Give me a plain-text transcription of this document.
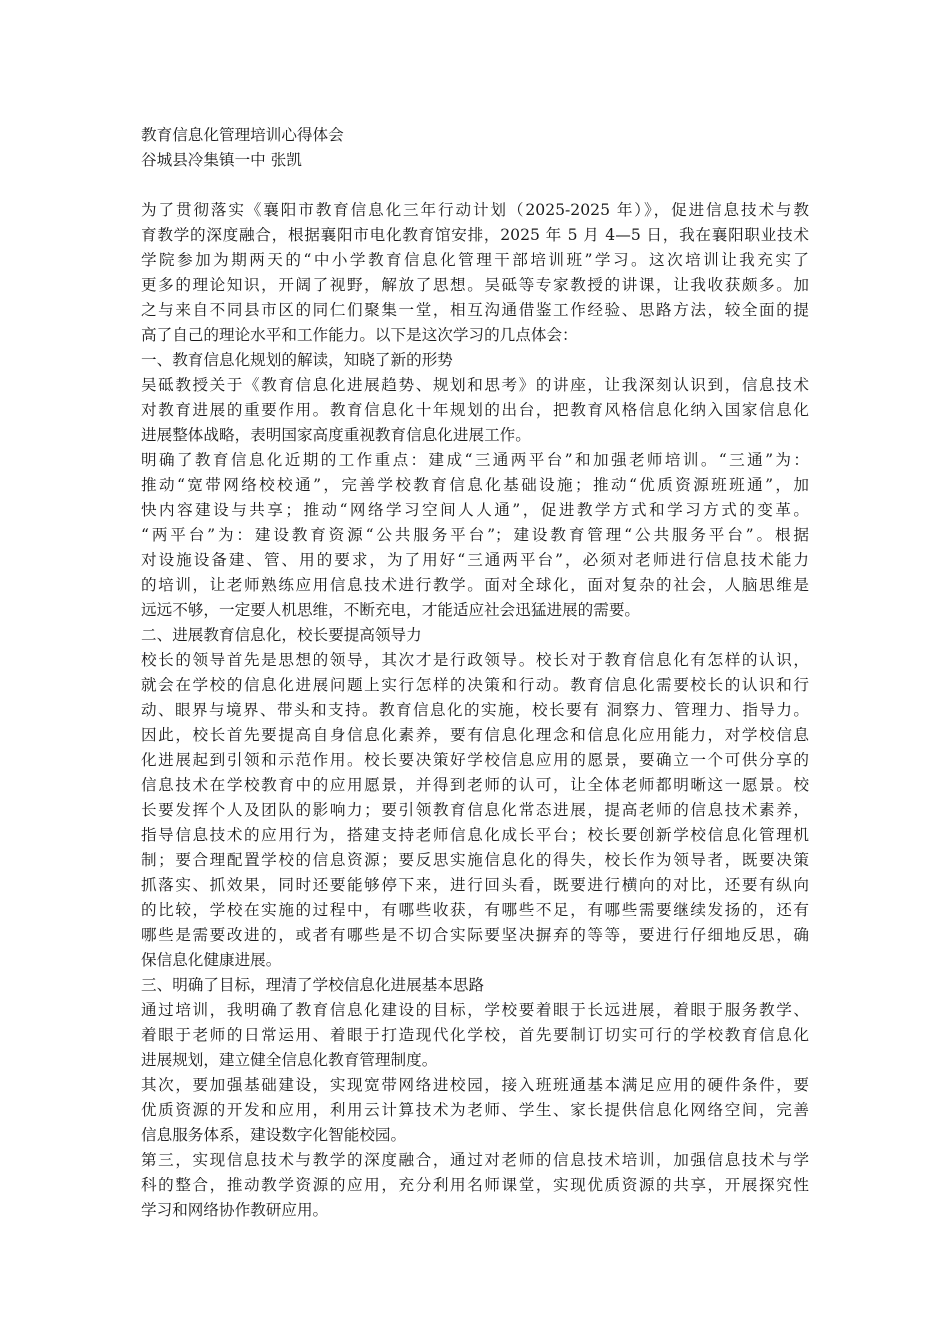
教育信息化管理培训心得体会
谷城县冷集镇一中 张凯
为了贯彻落实《襄阳市教育信息化三年行动计划（2025-2025 年）》，促进信息技术与教
育教学的深度融合，根据襄阳市电化教育馆安排，2025 年 5 月 4—5 日，我在襄阳职业技术
学院参加为期两天的“中小学教育信息化管理干部培训班”学习。这次培训让我充实了
更多的理论知识，开阔了视野，解放了思想。吴砥等专家教授的讲课，让我收获颇多。加
之与来自不同县市区的同仁们聚集一堂，相互沟通借鉴工作经验、思路方法，较全面的提
高了自己的理论水平和工作能力。以下是这次学习的几点体会：
一、教育信息化规划的解读，知晓了新的形势
吴砥教授关于《教育信息化进展趋势、规划和思考》的讲座，让我深刻认识到，信息技术
对教育进展的重要作用。教育信息化十年规划的出台，把教育风格信息化纳入国家信息化
进展整体战略，表明国家高度重视教育信息化进展工作。
明确了教育信息化近期的工作重点：建成“三通两平台”和加强老师培训。“三通”为：
推动“宽带网络校校通”，完善学校教育信息化基础设施；推动“优质资源班班通”，加
快内容建设与共享；推动“网络学习空间人人通”，促进教学方式和学习方式的变革。
“两平台”为：建设教育资源“公共服务平台”；建设教育管理“公共服务平台”。根据
对设施设备建、管、用的要求，为了用好“三通两平台”，必须对老师进行信息技术能力
的培训，让老师熟练应用信息技术进行教学。面对全球化，面对复杂的社会，人脑思维是
远远不够，一定要人机思维，不断充电，才能适应社会迅猛进展的需要。
二、进展教育信息化，校长要提高领导力
校长的领导首先是思想的领导，其次才是行政领导。校长对于教育信息化有怎样的认识，
就会在学校的信息化进展问题上实行怎样的决策和行动。教育信息化需要校长的认识和行
动、眼界与境界、带头和支持。教育信息化的实施，校长要有 洞察力、管理力、指导力。
因此，校长首先要提高自身信息化素养，要有信息化理念和信息化应用能力，对学校信息
化进展起到引领和示范作用。校长要决策好学校信息应用的愿景，要确立一个可供分享的
信息技术在学校教育中的应用愿景，并得到老师的认可，让全体老师都明晰这一愿景。校
长要发挥个人及团队的影响力；要引领教育信息化常态进展，提高老师的信息技术素养，
指导信息技术的应用行为，搭建支持老师信息化成长平台；校长要创新学校信息化管理机
制；要合理配置学校的信息资源；要反思实施信息化的得失，校长作为领导者，既要决策
抓落实、抓效果，同时还要能够停下来，进行回头看，既要进行横向的对比，还要有纵向
的比较，学校在实施的过程中，有哪些收获，有哪些不足，有哪些需要继续发扬的，还有
哪些是需要改进的，或者有哪些是不切合实际要坚决摒弃的等等，要进行仔细地反思，确
保信息化健康进展。
三、明确了目标，理清了学校信息化进展基本思路
通过培训，我明确了教育信息化建设的目标，学校要着眼于长远进展，着眼于服务教学、
着眼于老师的日常运用、着眼于打造现代化学校，首先要制订切实可行的学校教育信息化
进展规划，建立健全信息化教育管理制度。
其次，要加强基础建设，实现宽带网络进校园，接入班班通基本满足应用的硬件条件，要
优质资源的开发和应用，利用云计算技术为老师、学生、家长提供信息化网络空间，完善
信息服务体系，建设数字化智能校园。
第三，实现信息技术与教学的深度融合，通过对老师的信息技术培训，加强信息技术与学
科的整合，推动教学资源的应用，充分利用名师课堂，实现优质资源的共享，开展探究性
学习和网络协作教研应用。
